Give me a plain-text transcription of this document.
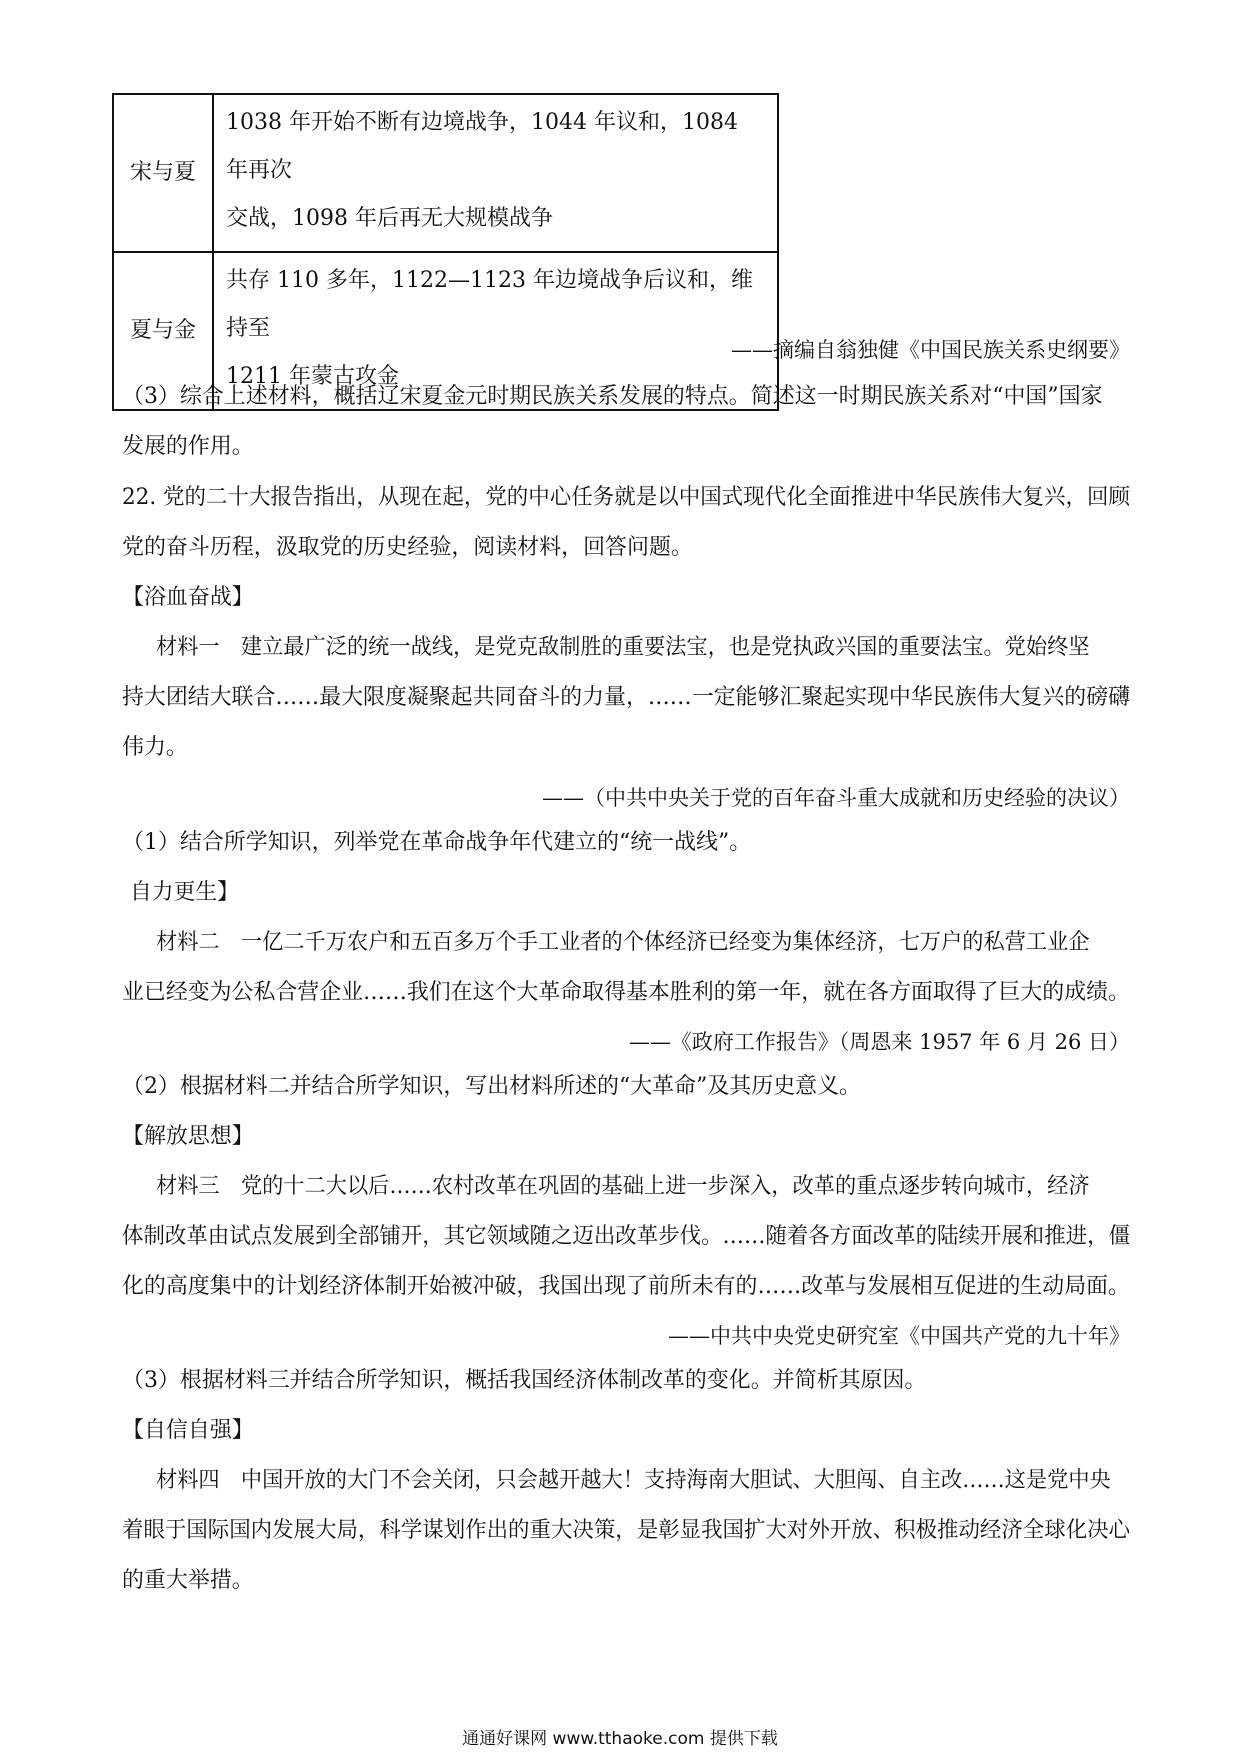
宋与夏	1038 年开始不断有边境战争，1044 年议和，1084 年再次
交战，1098 年后再无大规模战争

夏与金	共存 110 多年，1122—1123 年边境战争后议和，维持至
1211 年蒙古攻金
——摘编自翁独健《中国民族关系史纲要》
（3）综合上述材料，概括辽宋夏金元时期民族关系发展的特点。简述这一时期民族关系对“中国”国家
发展的作用。
22. 党的二十大报告指出，从现在起，党的中心任务就是以中国式现代化全面推进中华民族伟大复兴，回顾
党的奋斗历程，汲取党的历史经验，阅读材料，回答问题。
【浴血奋战】
材料一　建立最广泛的统一战线，是党克敌制胜的重要法宝，也是党执政兴国的重要法宝。党始终坚
持大团结大联合……最大限度凝聚起共同奋斗的力量，……一定能够汇聚起实现中华民族伟大复兴的磅礴
伟力。
——（中共中央关于党的百年奋斗重大成就和历史经验的决议）
（1）结合所学知识，列举党在革命战争年代建立的“统一战线”。
自力更生】
材料二　一亿二千万农户和五百多万个手工业者的个体经济已经变为集体经济，七万户的私营工业企
业已经变为公私合营企业……我们在这个大革命取得基本胜利的第一年，就在各方面取得了巨大的成绩。
——《政府工作报告》（周恩来 1957 年 6 月 26 日）
（2）根据材料二并结合所学知识，写出材料所述的“大革命”及其历史意义。
【解放思想】
材料三　党的十二大以后……农村改革在巩固的基础上进一步深入，改革的重点逐步转向城市，经济
体制改革由试点发展到全部铺开，其它领域随之迈出改革步伐。……随着各方面改革的陆续开展和推进，僵
化的高度集中的计划经济体制开始被冲破，我国出现了前所未有的……改革与发展相互促进的生动局面。
——中共中央党史研究室《中国共产党的九十年》
（3）根据材料三并结合所学知识，概括我国经济体制改革的变化。并简析其原因。
【自信自强】
材料四　中国开放的大门不会关闭，只会越开越大！支持海南大胆试、大胆闯、自主改……这是党中央
着眼于国际国内发展大局，科学谋划作出的重大决策，是彰显我国扩大对外开放、积极推动经济全球化决心
的重大举措。
通通好课网 www.tthaoke.com 提供下载
